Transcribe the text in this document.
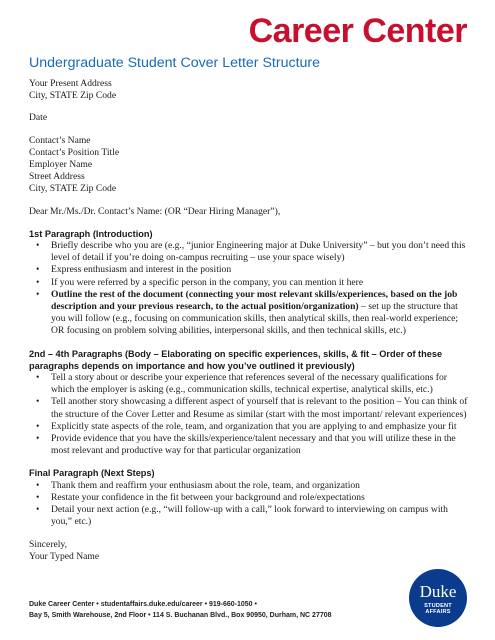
Career Center
Undergraduate Student Cover Letter Structure
Your Present Address
City, STATE Zip Code
Date
Contact’s Name
Contact’s Position Title
Employer Name
Street Address
City, STATE Zip Code
Dear Mr./Ms./Dr. Contact’s Name: (OR “Dear Hiring Manager”),
1st Paragraph (Introduction)
• Briefly describe who you are (e.g., “junior Engineering major at Duke University” – but you don’t need this level of detail if you’re doing on-campus recruiting – use your space wisely)
• Express enthusiasm and interest in the position
• If you were referred by a specific person in the company, you can mention it here
• Outline the rest of the document (connecting your most relevant skills/experiences, based on the job description and your previous research, to the actual position/organization) – set up the structure that you will follow (e.g., focusing on communication skills, then analytical skills, then real-world experience; OR focusing on problem solving abilities, interpersonal skills, and then technical skills, etc.)
2nd – 4th Paragraphs (Body – Elaborating on specific experiences, skills, & fit – Order of these paragraphs depends on importance and how you’ve outlined it previously)
• Tell a story about or describe your experience that references several of the necessary qualifications for which the employer is asking (e.g., communication skills, technical expertise, analytical skills, etc.)
• Tell another story showcasing a different aspect of yourself that is relevant to the position – You can think of the structure of the Cover Letter and Resume as similar (start with the most important/ relevant experiences)
• Explicitly state aspects of the role, team, and organization that you are applying to and emphasize your fit
• Provide evidence that you have the skills/experience/talent necessary and that you will utilize these in the most relevant and productive way for that particular organization
Final Paragraph (Next Steps)
• Thank them and reaffirm your enthusiasm about the role, team, and organization
• Restate your confidence in the fit between your background and role/expectations
• Detail your next action (e.g., “will follow-up with a call,” look forward to interviewing on campus with you,” etc.)
Sincerely,
Your Typed Name
Duke Career Center • studentaffairs.duke.edu/career • 919-660-1050 •
Bay 5, Smith Warehouse, 2nd Floor • 114 S. Buchanan Blvd., Box 90950, Durham, NC 27708
Duke
STUDENT
AFFAIRS
